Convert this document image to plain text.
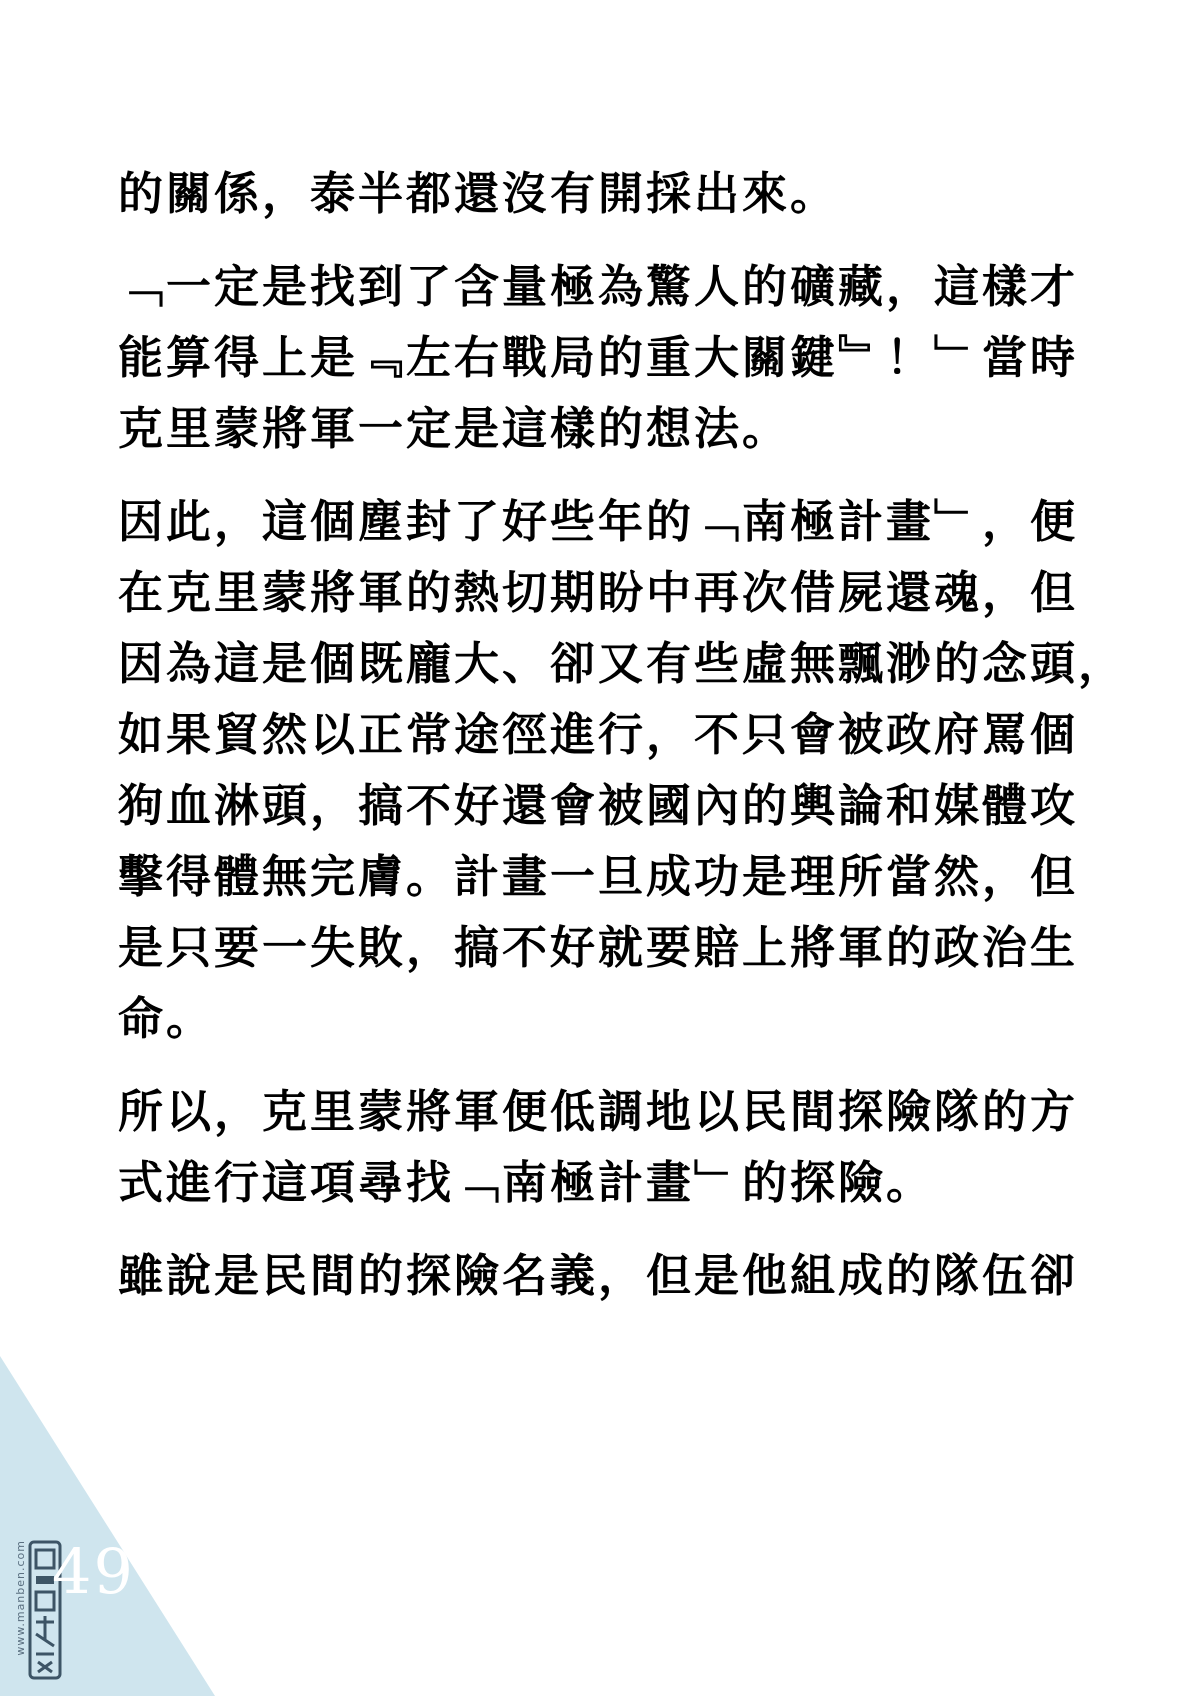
的關係，泰半都還沒有開採出來。
﹁一定是找到了含量極為驚人的礦藏，這樣才
能算得上是﹃左右戰局的重大關鍵﹄！﹂當時
克里蒙將軍一定是這樣的想法。
因此，這個塵封了好些年的﹁南極計畫﹂，便
在克里蒙將軍的熱切期盼中再次借屍還魂，但
因為這是個既龐大、卻又有些虛無飄渺的念頭，
如果貿然以正常途徑進行，不只會被政府罵個
狗血淋頭，搞不好還會被國內的輿論和媒體攻
擊得體無完膚。計畫一旦成功是理所當然，但
是只要一失敗，搞不好就要賠上將軍的政治生
命。
所以，克里蒙將軍便低調地以民間探險隊的方
式進行這項尋找﹁南極計畫﹂的探險。
雖說是民間的探險名義，但是他組成的隊伍卻
www.manben.com 49
